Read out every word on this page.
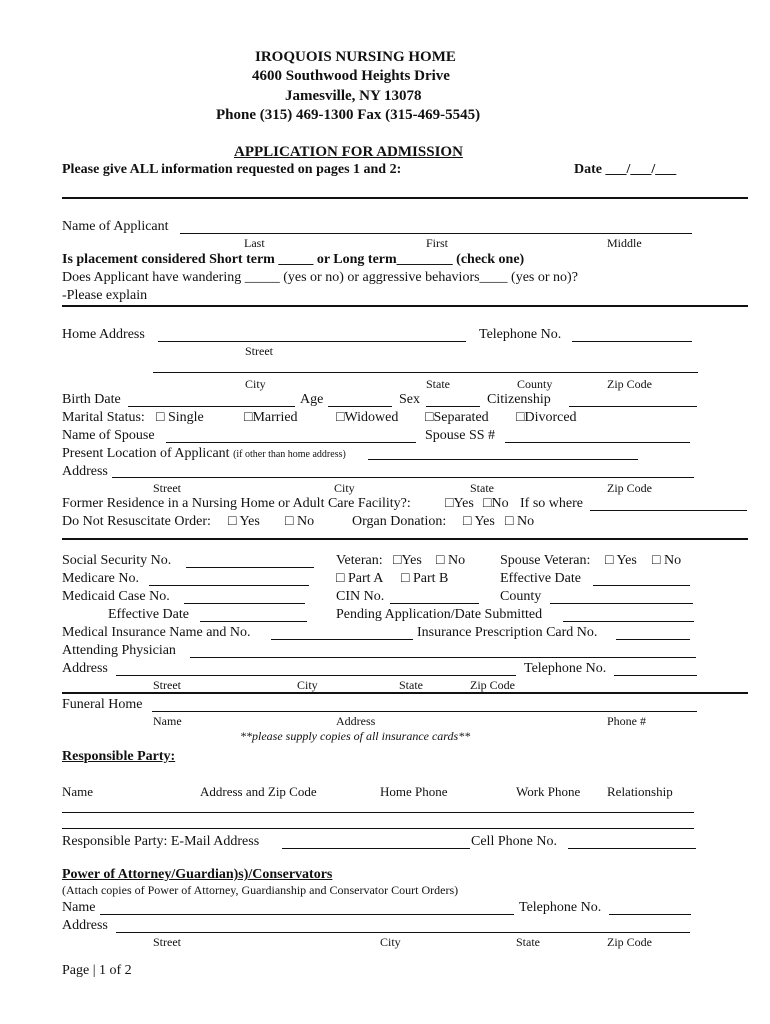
IROQUOIS NURSING HOME
4600 Southwood Heights Drive
Jamesville, NY 13078
Phone (315) 469-1300 Fax (315-469-5545)
APPLICATION FOR ADMISSION
Please give ALL information requested on pages 1 and 2:	Date ___/___/___
Name of Applicant
Last	First	Middle
Is placement considered Short term _____ or Long term________ (check one)
Does Applicant have wandering _____ (yes or no) or aggressive behaviors____ (yes or no)?
-Please explain
Home Address	Telephone No.
Street
City	State	County	Zip Code
Birth Date	Age	Sex	Citizenship
Marital Status: □ Single	□Married	□Widowed □Separated □Divorced
Name of Spouse	Spouse SS #
Present Location of Applicant (if other than home address)
Address
Street	City	State	Zip Code
Former Residence in a Nursing Home or Adult Care Facility?: □Yes □No If so where
Do Not Resuscitate Order: □ Yes □ No	Organ Donation: □ Yes □ No
Social Security No.	Veteran: □Yes □ No Spouse Veteran: □ Yes □ No
Medicare No.	□ Part A □ Part B	Effective Date
Medicaid Case No.	CIN No.	County
Effective Date	Pending Application/Date Submitted
Medical Insurance Name and No.	Insurance Prescription Card No.
Attending Physician
Address	Telephone No.
Street	City	State	Zip Code
Funeral Home
Name	Address	Phone #
**please supply copies of all insurance cards**
Responsible Party:
Name	Address and Zip Code	Home Phone	Work Phone Relationship
Responsible Party: E-Mail Address	Cell Phone No.
Power of Attorney/Guardian)s)/Conservators
(Attach copies of Power of Attorney, Guardianship and Conservator Court Orders)
Name	Telephone No.
Address
Street	City	State	Zip Code
Page | 1 of 2
